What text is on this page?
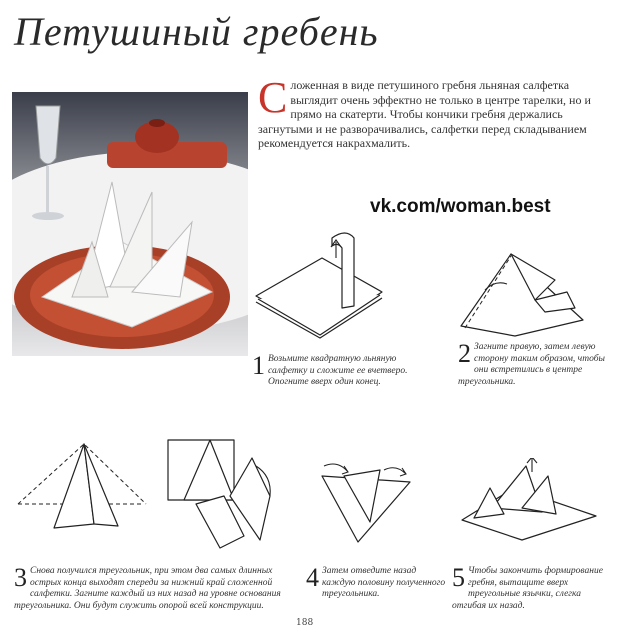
Петушиный гребень
Сложенная в виде петушиного гребня льняная салфетка выглядит очень эффектно не только в центре тарелки, но и прямо на скатерти. Чтобы кончики гребня держались загнутыми и не разворачивались, салфетки перед складыванием рекомендуется накрахмалить.
vk.com/woman.best
1 Возьмите квадратную льняную салфетку и сложите ее вчетверо. Опогните вверх один конец.
2 Загните правую, затем левую сторону таким образом, чтобы они встретились в центре треугольника.
3 Снова получился треугольник, при этом два самых длинных острых конца выходят спереди за нижний край сложенной салфетки. Загните каждый из них назад на уровне основания треугольника. Они будут служить опорой всей конструкции.
4 Затем отведите назад каждую половину полученного треугольника.
5 Чтобы закончить формирование гребня, вытащите вверх треугольные язычки, слегка отгибая их назад.
188
